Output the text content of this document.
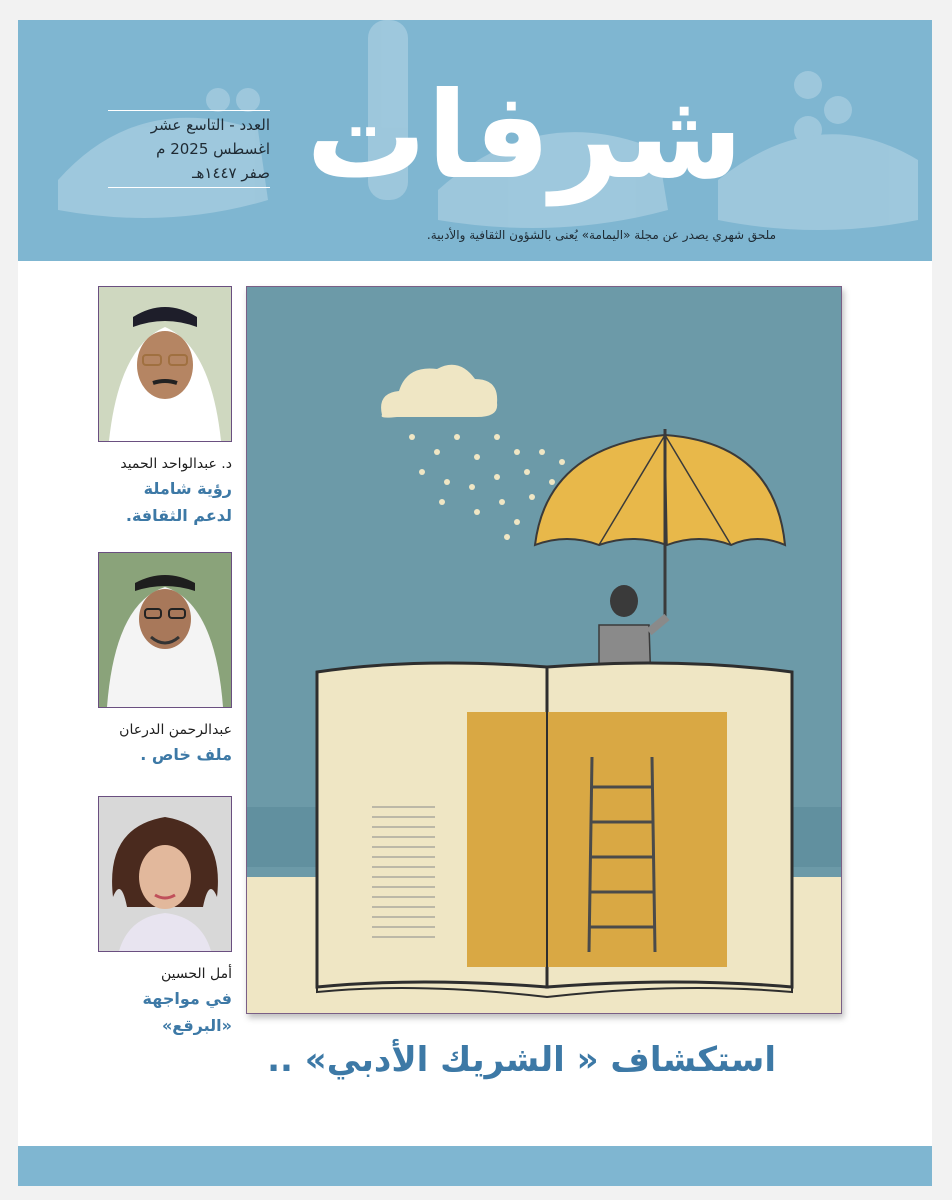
شرفات
العدد - التاسع عشر
اغسطس 2025 م
صفر ١٤٤٧هـ
ملحق شهري يصدر عن مجلة «اليمامة» يُعنى بالشؤون الثقافية والأدبية.
استكشاف « الشريك الأدبي» ..
د. عبدالواحد الحميد
رؤية شاملة
لدعم الثقافة.
عبدالرحمن الدرعان
ملف خاص .
أمل الحسين
في مواجهة
«البرقع»
